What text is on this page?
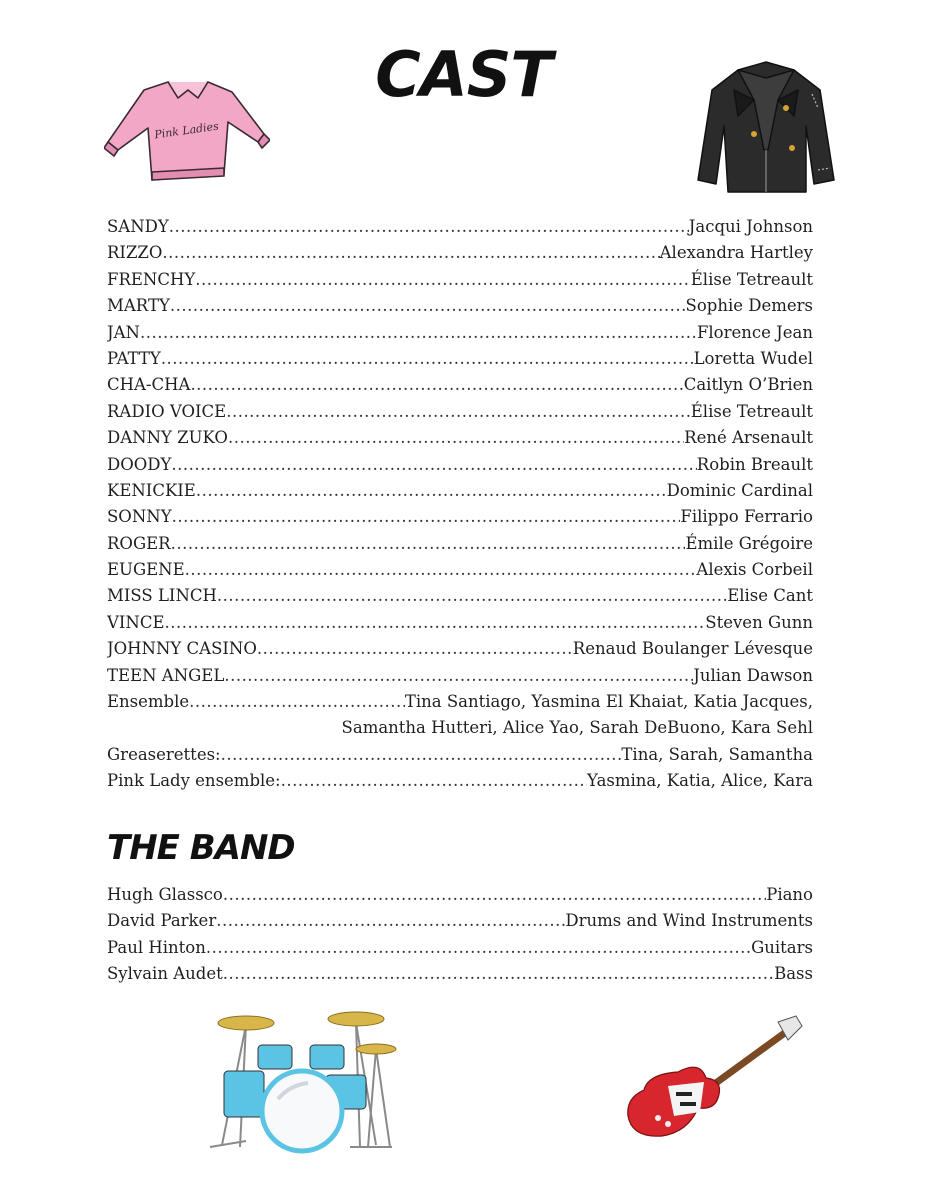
CAST
Pink Ladies
SANDY .....	Jacqui Johnson
RIZZO .....	Alexandra Hartley
FRENCHY .....	Élise Tetreault
MARTY .....	Sophie Demers
JAN .....	Florence Jean
PATTY .....	Loretta Wudel
CHA-CHA .....	Caitlyn O’Brien
RADIO VOICE .....	Élise Tetreault
DANNY ZUKO .....	René Arsenault
DOODY .....	Robin Breault
KENICKIE .....	Dominic Cardinal
SONNY .....	Filippo Ferrario
ROGER .....	Émile Grégoire
EUGENE .....	Alexis Corbeil
MISS LINCH .....	Elise Cant
VINCE .....	Steven Gunn
JOHNNY CASINO .....	Renaud Boulanger Lévesque
TEEN ANGEL .....	Julian Dawson
Ensemble .....	Tina Santiago, Yasmina El Khaiat, Katia Jacques,
Samantha Hutteri, Alice Yao, Sarah DeBuono, Kara Sehl
Greaserettes: .....	Tina, Sarah, Samantha
Pink Lady ensemble: .....	Yasmina, Katia, Alice, Kara
THE BAND
Hugh Glassco .....	Piano
David Parker .....	Drums and Wind Instruments
Paul Hinton .....	Guitars
Sylvain Audet .....	Bass
